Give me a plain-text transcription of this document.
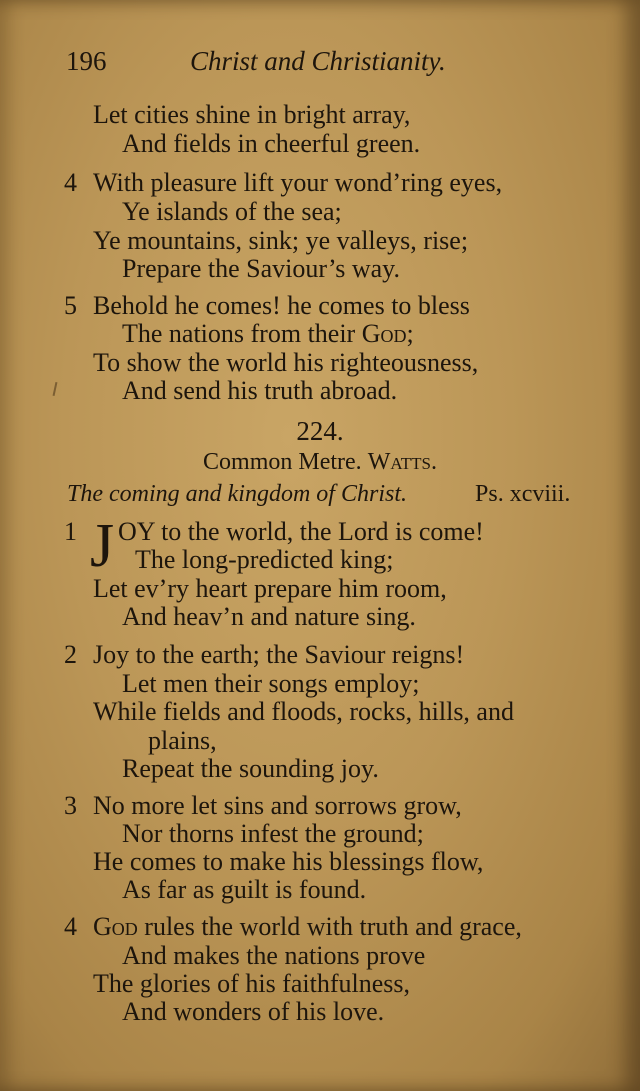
196	Christ and Christianity.
Let cities shine in bright array,
And fields in cheerful green.
4 With pleasure lift your wond’ring eyes,
Ye islands of the sea;
Ye mountains, sink; ye valleys, rise;
Prepare the Saviour’s way.
5 Behold he comes! he comes to bless
The nations from their God;
To show the world his righteousness,
And send his truth abroad.
224.
Common Metre. Watts.
The coming and kingdom of Christ.	Ps. xcviii.
1 J OY to the world, the Lord is come!
The long-predicted king;
Let ev’ry heart prepare him room,
And heav’n and nature sing.
2 Joy to the earth; the Saviour reigns!
Let men their songs employ;
While fields and floods, rocks, hills, and
plains,
Repeat the sounding joy.
3 No more let sins and sorrows grow,
Nor thorns infest the ground;
He comes to make his blessings flow,
As far as guilt is found.
4 God rules the world with truth and grace,
And makes the nations prove
The glories of his faithfulness,
And wonders of his love.
